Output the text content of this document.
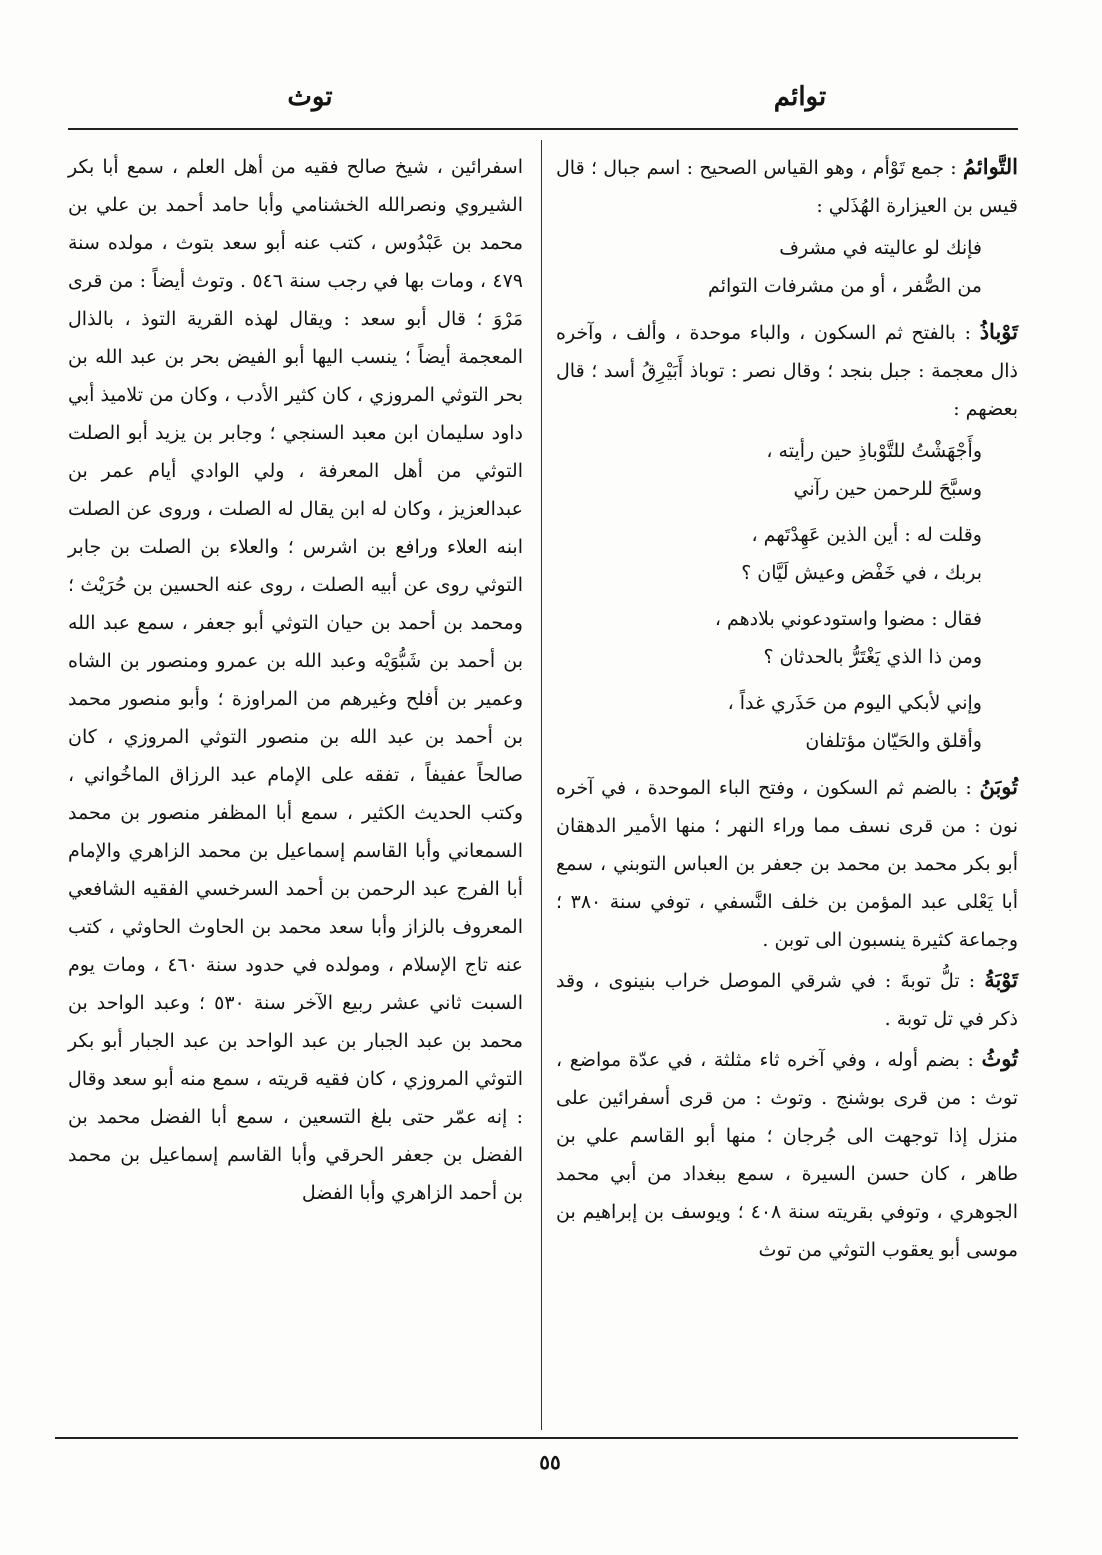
توائم
توث
التَّوائمُ : جمع تَوْأم ، وهو القياس الصحيح : اسم جبال ؛ قال قيس بن العيزارة الهُذَلي :
فإنك لو عاليته في مشرف
من الصُّفر ، أو من مشرفات التوائم
تَوْباذُ : بالفتح ثم السكون ، والباء موحدة ، وألف ، وآخره ذال معجمة : جبل بنجد ؛ وقال نصر : توباذ أَبَيْرِقُ أسد ؛ قال بعضهم :
وأَجْهَشْتُ للتَّوْباذِ حين رأيته ،
وسبَّحَ للرحمن حين رآني
وقلت له : أين الذين عَهِدْتَهم ،
بربك ، في خَفْض وعيش لَيَّان ؟
فقال : مضوا واستودعوني بلادهم ،
ومن ذا الذي يَغْتَرُّ بالحدثان ؟
وإني لأبكي اليوم من حَذَري غداً ،
وأقلق والحَيّان مؤتلفان
تُوبَنُ : بالضم ثم السكون ، وفتح الباء الموحدة ، في آخره نون : من قرى نسف مما وراء النهر ؛ منها الأمير الدهقان أبو بكر محمد بن محمد بن جعفر بن العباس التوبني ، سمع أبا يَعْلى عبد المؤمن بن خلف النَّسفي ، توفي سنة ٣٨٠ ؛ وجماعة كثيرة ينسبون الى توبن .
تَوْبَةُ : تلُّ توبةَ : في شرقي الموصل خراب بنينوى ، وقد ذكر في تل توبة .
تُوثُ : بضم أوله ، وفي آخره ثاء مثلثة ، في عدّة مواضع ، توث : من قرى بوشنج . وتوث : من قرى أسفرائين على منزل إذا توجهت الى جُرجان ؛ منها أبو القاسم علي بن طاهر ، كان حسن السيرة ، سمع ببغداد من أبي محمد الجوهري ، وتوفي بقريته سنة ٤٠٨ ؛ ويوسف بن إبراهيم بن موسى أبو يعقوب التوثي من توث
اسفرائين ، شيخ صالح فقيه من أهل العلم ، سمع أبا بكر الشيروي ونصرالله الخشنامي وأبا حامد أحمد بن علي بن محمد بن عَبْدُوس ، كتب عنه أبو سعد بتوث ، مولده سنة ٤٧٩ ، ومات بها في رجب سنة ٥٤٦ . وتوث أيضاً : من قرى مَرْوَ ؛ قال أبو سعد : ويقال لهذه القرية التوذ ، بالذال المعجمة أيضاً ؛ ينسب اليها أبو الفيض بحر بن عبد الله بن بحر التوثي المروزي ، كان كثير الأدب ، وكان من تلاميذ أبي داود سليمان ابن معبد السنجي ؛ وجابر بن يزيد أبو الصلت التوثي من أهل المعرفة ، ولي الوادي أيام عمر بن عبدالعزيز ، وكان له ابن يقال له الصلت ، وروى عن الصلت ابنه العلاء ورافع بن اشرس ؛ والعلاء بن الصلت بن جابر التوثي روى عن أبيه الصلت ، روى عنه الحسين بن حُرَيْث ؛ ومحمد بن أحمد بن حيان التوثي أبو جعفر ، سمع عبد الله بن أحمد بن شَبُّوَيْه وعبد الله بن عمرو ومنصور بن الشاه وعمير بن أفلح وغيرهم من المراوزة ؛ وأبو منصور محمد بن أحمد بن عبد الله بن منصور التوثي المروزي ، كان صالحاً عفيفاً ، تفقه على الإمام عبد الرزاق الماخُواني ، وكتب الحديث الكثير ، سمع أبا المظفر منصور بن محمد السمعاني وأبا القاسم إسماعيل بن محمد الزاهري والإمام أبا الفرج عبد الرحمن بن أحمد السرخسي الفقيه الشافعي المعروف بالزاز وأبا سعد محمد بن الحاوث الحاوثي ، كتب عنه تاج الإسلام ، ومولده في حدود سنة ٤٦٠ ، ومات يوم السبت ثاني عشر ربيع الآخر سنة ٥٣٠ ؛ وعبد الواحد بن محمد بن عبد الجبار بن عبد الواحد بن عبد الجبار أبو بكر التوثي المروزي ، كان فقيه قريته ، سمع منه أبو سعد وقال : إنه عمّر حتى بلغ التسعين ، سمع أبا الفضل محمد بن الفضل بن جعفر الحرقي وأبا القاسم إسماعيل بن محمد بن أحمد الزاهري وأبا الفضل
٥٥
